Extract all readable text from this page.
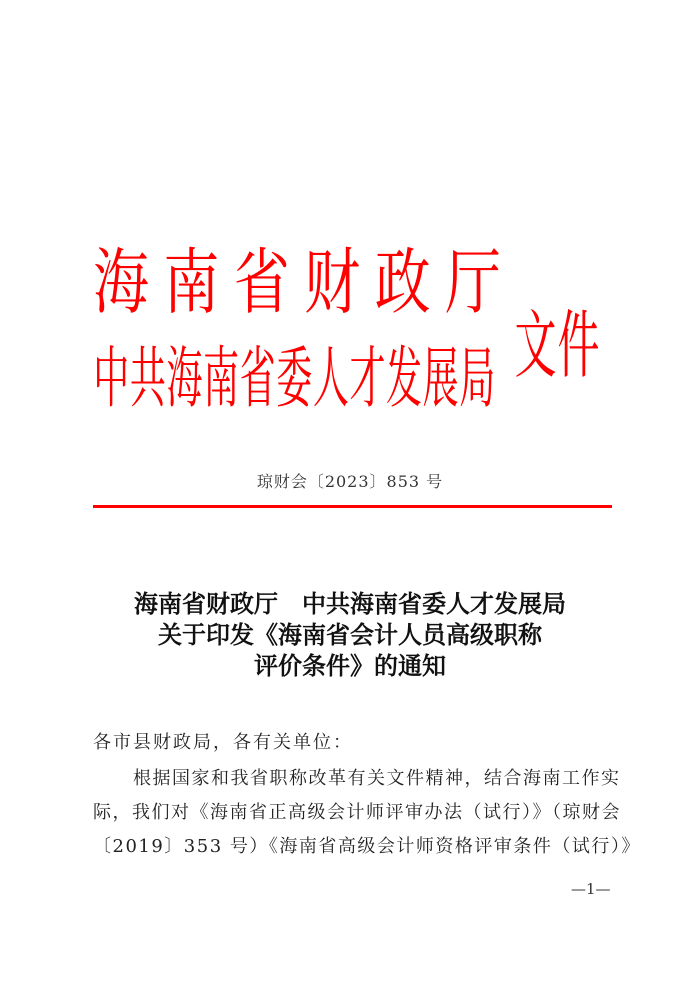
海 南 省 财 政 厅
中共海南省委人才发展局 文件
琼财会〔2023〕853 号
海南省财政厅　中共海南省委人才发展局
关于印发《海南省会计人员高级职称
评价条件》的通知
各市县财政局，各有关单位：
根据国家和我省职称改革有关文件精神，结合海南工作实
际，我们对《海南省正高级会计师评审办法（试行）》（琼财会
〔2019〕353 号）《海南省高级会计师资格评审条件（试行）》
—1—
